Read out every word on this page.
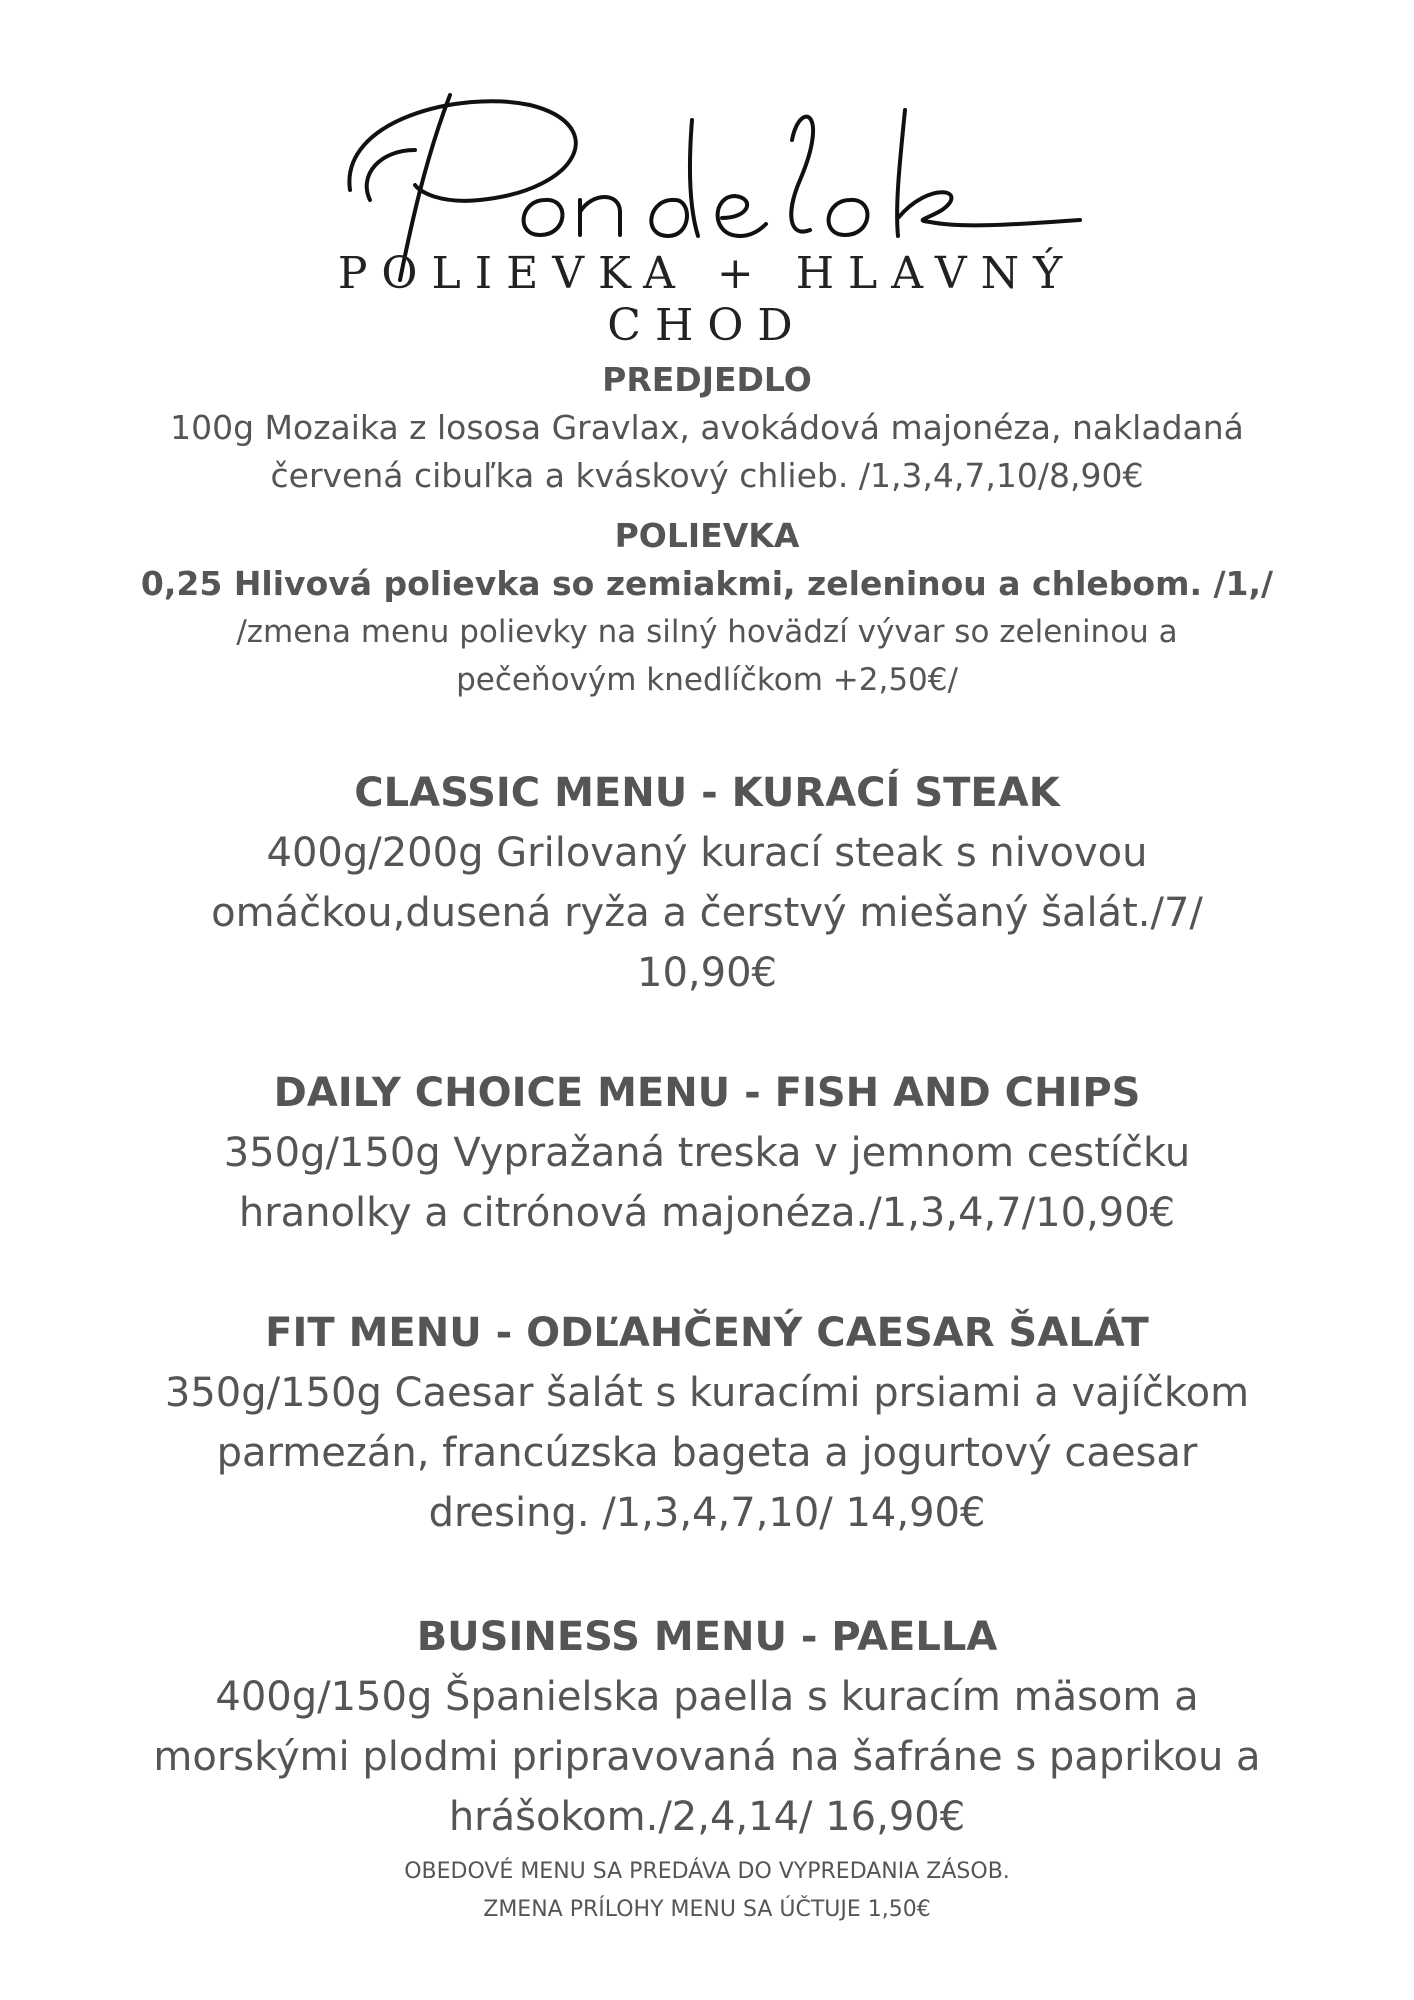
POLIEVKA + HLAVNÝ
CHOD
PREDJEDLO
100g Mozaika z lososa Gravlax, avokádová majonéza, nakladaná
červená cibuľka a kváskový chlieb. /1,3,4,7,10/8,90€
POLIEVKA
0,25 Hlivová polievka so zemiakmi, zeleninou a chlebom. /1,/
/zmena menu polievky na silný hovädzí vývar so zeleninou a
pečeňovým knedlíčkom +2,50€/
CLASSIC MENU - KURACÍ STEAK
400g/200g Grilovaný kurací steak s nivovou
omáčkou,dusená ryža a čerstvý miešaný šalát./7/
10,90€
DAILY CHOICE MENU - FISH AND CHIPS
350g/150g Vypražaná treska v jemnom cestíčku
hranolky a citrónová majonéza./1,3,4,7/10,90€
FIT MENU - ODĽAHČENÝ CAESAR ŠALÁT
350g/150g Caesar šalát s kuracími prsiami a vajíčkom
parmezán, francúzska bageta a jogurtový caesar
dresing. /1,3,4,7,10/ 14,90€
BUSINESS MENU - PAELLA
400g/150g Španielska paella s kuracím mäsom a
morskými plodmi pripravovaná na šafráne s paprikou a
hrášokom./2,4,14/ 16,90€
OBEDOVÉ MENU SA PREDÁVA DO VYPREDANIA ZÁSOB.
ZMENA PRÍLOHY MENU SA ÚČTUJE 1,50€
